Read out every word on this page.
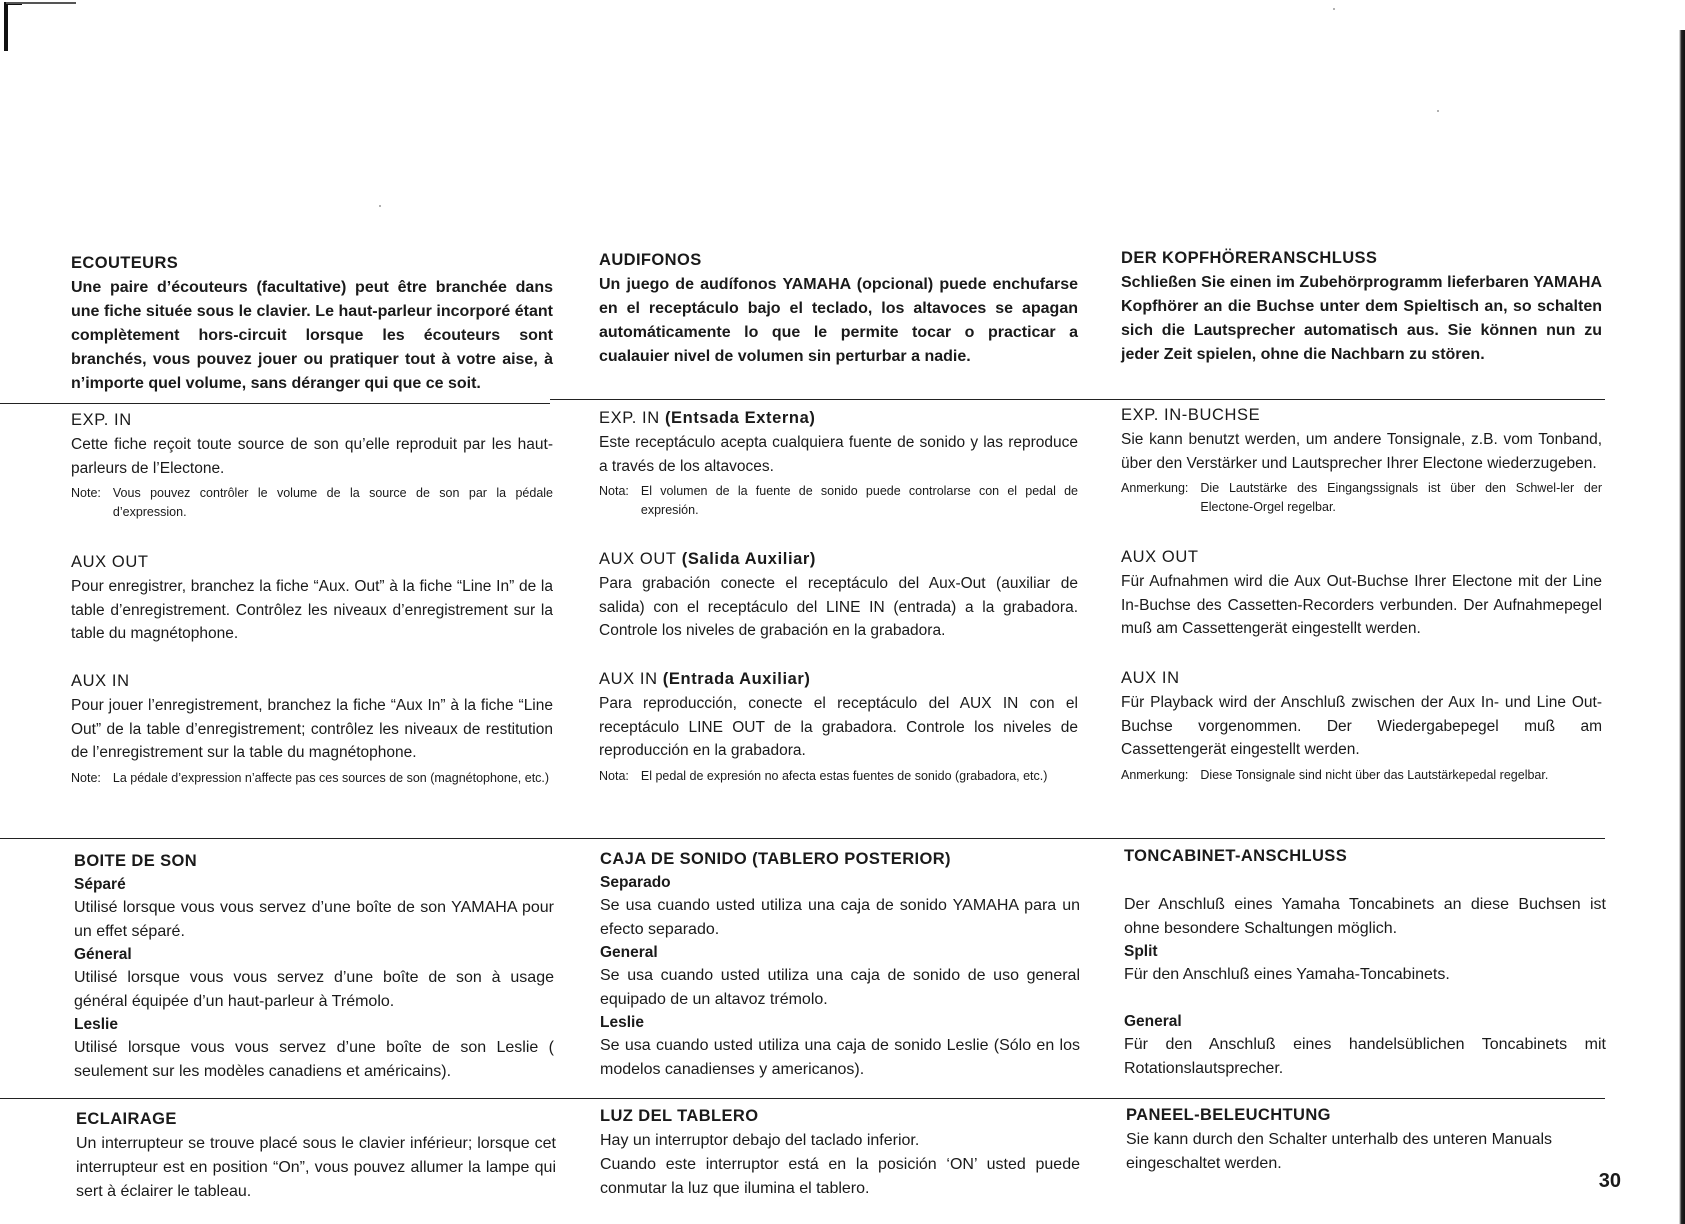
ECOUTEURS

Une paire d’écouteurs (facultative) peut être branchée dans une fiche située sous le clavier. Le haut-parleur incorporé étant complètement hors-circuit lorsque les écouteurs sont branchés, vous pouvez jouer ou pratiquer tout à votre aise, à n’importe quel volume, sans déranger qui que ce soit.

EXP. IN

Cette fiche reçoit toute source de son qu’elle reproduit par les haut-parleurs de l’Electone.

Note: Vous pouvez contrôler le volume de la source de son par la pédale d’expression.
AUX OUT

Pour enregistrer, branchez la fiche “Aux. Out” à la fiche “Line In” de la table d’enregistrement. Contrôlez les niveaux d’enregistrement sur la table du magnétophone.

AUX IN

Pour jouer l’enregistrement, branchez la fiche “Aux In” à la fiche “Line Out” de la table d’enregistrement; contrôlez les niveaux de restitution de l’enregistrement sur la table du magnétophone.

Note: La pédale d’expression n’affecte pas ces sources de son (magnétophone, etc.)
BOITE DE SON

Séparé

Utilisé lorsque vous vous servez d’une boîte de son YAMAHA pour un effet séparé.

Géneral

Utilisé lorsque vous vous servez d’une boîte de son à usage général équipée d’un haut-parleur à Trémolo.

Leslie

Utilisé lorsque vous vous servez d’une boîte de son Leslie ( seulement sur les modèles canadiens et américains).

ECLAIRAGE

Un interrupteur se trouve placé sous le clavier inférieur; lorsque cet interrupteur est en position “On”, vous pouvez allumer la lampe qui sert à éclairer le tableau.

AUDIFONOS

Un juego de audífonos YAMAHA (opcional) puede enchufarse en el receptáculo bajo el teclado, los altavoces se apagan automáticamente lo que le permite tocar o practicar a cualauier nivel de volumen sin perturbar a nadie.

EXP. IN (Entsada Externa)

Este receptáculo acepta cualquiera fuente de sonido y las reproduce a través de los altavoces.

Nota: El volumen de la fuente de sonido puede controlarse con el pedal de expresión.
AUX OUT (Salida Auxiliar)

Para grabación conecte el receptáculo del Aux-Out (auxiliar de salida) con el receptáculo del LINE IN (entrada) a la grabadora. Controle los niveles de grabación en la grabadora.

AUX IN (Entrada Auxiliar)

Para reproducción, conecte el receptáculo del AUX IN con el receptáculo LINE OUT de la grabadora. Controle los niveles de reproducción en la grabadora.

Nota: El pedal de expresión no afecta estas fuentes de sonido (grabadora, etc.)
CAJA DE SONIDO (TABLERO POSTERIOR)

Separado

Se usa cuando usted utiliza una caja de sonido YAMAHA para un efecto separado.

General

Se usa cuando usted utiliza una caja de sonido de uso general equipado de un altavoz trémolo.

Leslie

Se usa cuando usted utiliza una caja de sonido Leslie (Sólo en los modelos canadienses y americanos).

LUZ DEL TABLERO

Hay un interruptor debajo del taclado inferior.

Cuando este interruptor está en la posición ‘ON’ usted puede conmutar la luz que ilumina el tablero.

DER KOPFHÖRERANSCHLUSS

Schließen Sie einen im Zubehörprogramm lieferbaren YAMAHA Kopfhörer an die Buchse unter dem Spieltisch an, so schalten sich die Lautsprecher automatisch aus. Sie können nun zu jeder Zeit spielen, ohne die Nachbarn zu stören.

EXP. IN-BUCHSE

Sie kann benutzt werden, um andere Tonsignale, z.B. vom Tonband, über den Verstärker und Lautsprecher Ihrer Electone wiederzugeben.

Anmerkung: Die Lautstärke des Eingangssignals ist über den Schwel-ler der Electone-Orgel regelbar.
AUX OUT

Für Aufnahmen wird die Aux Out-Buchse Ihrer Electone mit der Line In-Buchse des Cassetten-Recorders verbunden. Der Aufnahmepegel muß am Cassettengerät eingestellt werden.

AUX IN

Für Playback wird der Anschluß zwischen der Aux In- und Line Out-Buchse vorgenommen. Der Wiedergabepegel muß am Cassettengerät eingestellt werden.

Anmerkung: Diese Tonsignale sind nicht über das Lautstärkepedal regelbar.
TONCABINET-ANSCHLUSS

Der Anschluß eines Yamaha Toncabinets an diese Buchsen ist ohne besondere Schaltungen möglich.

Split

Für den Anschluß eines Yamaha-Toncabinets.

General

Für den Anschluß eines handelsüblichen Toncabinets mit Rotationslautsprecher.

PANEEL-BELEUCHTUNG

Sie kann durch den Schalter unterhalb des unteren Manuals eingeschaltet werden.

30
